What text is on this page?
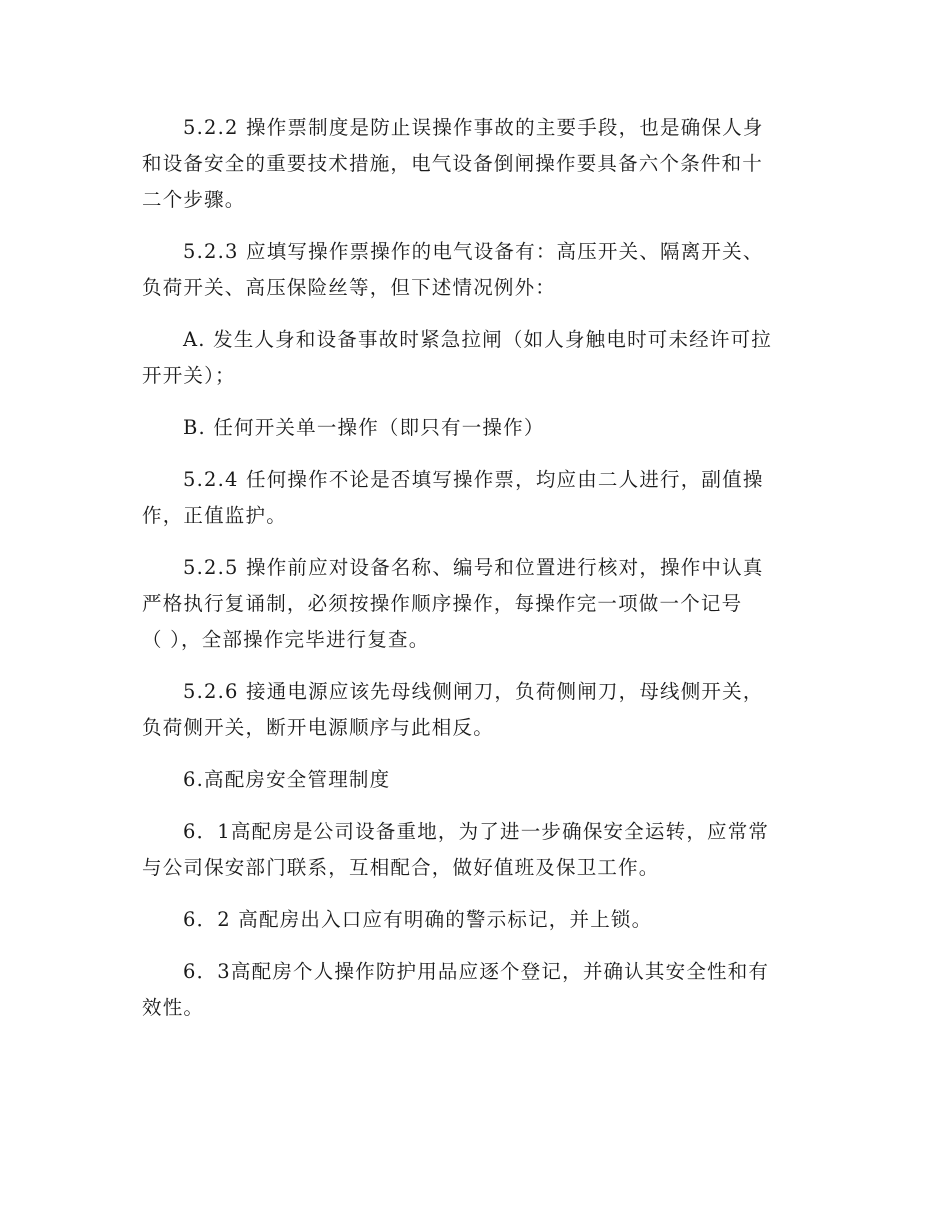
5.2.2 操作票制度是防止误操作事故的主要手段，也是确保人身
和设备安全的重要技术措施，电气设备倒闸操作要具备六个条件和十
二个步骤。

5.2.3 应填写操作票操作的电气设备有：高压开关、隔离开关、
负荷开关、高压保险丝等，但下述情况例外：

A. 发生人身和设备事故时紧急拉闸（如人身触电时可未经许可拉
开开关）；

B. 任何开关单一操作（即只有一操作）

5.2.4 任何操作不论是否填写操作票，均应由二人进行，副值操
作，正值监护。

5.2.5 操作前应对设备名称、编号和位置进行核对，操作中认真
严格执行复诵制，必须按操作顺序操作，每操作完一项做一个记号
（ ），全部操作完毕进行复查。

5.2.6 接通电源应该先母线侧闸刀，负荷侧闸刀，母线侧开关，
负荷侧开关，断开电源顺序与此相反。

6.高配房安全管理制度

6．1高配房是公司设备重地，为了进一步确保安全运转，应常常
与公司保安部门联系，互相配合，做好值班及保卫工作。

6．2 高配房出入口应有明确的警示标记，并上锁。

6．3高配房个人操作防护用品应逐个登记，并确认其安全性和有
效性。
